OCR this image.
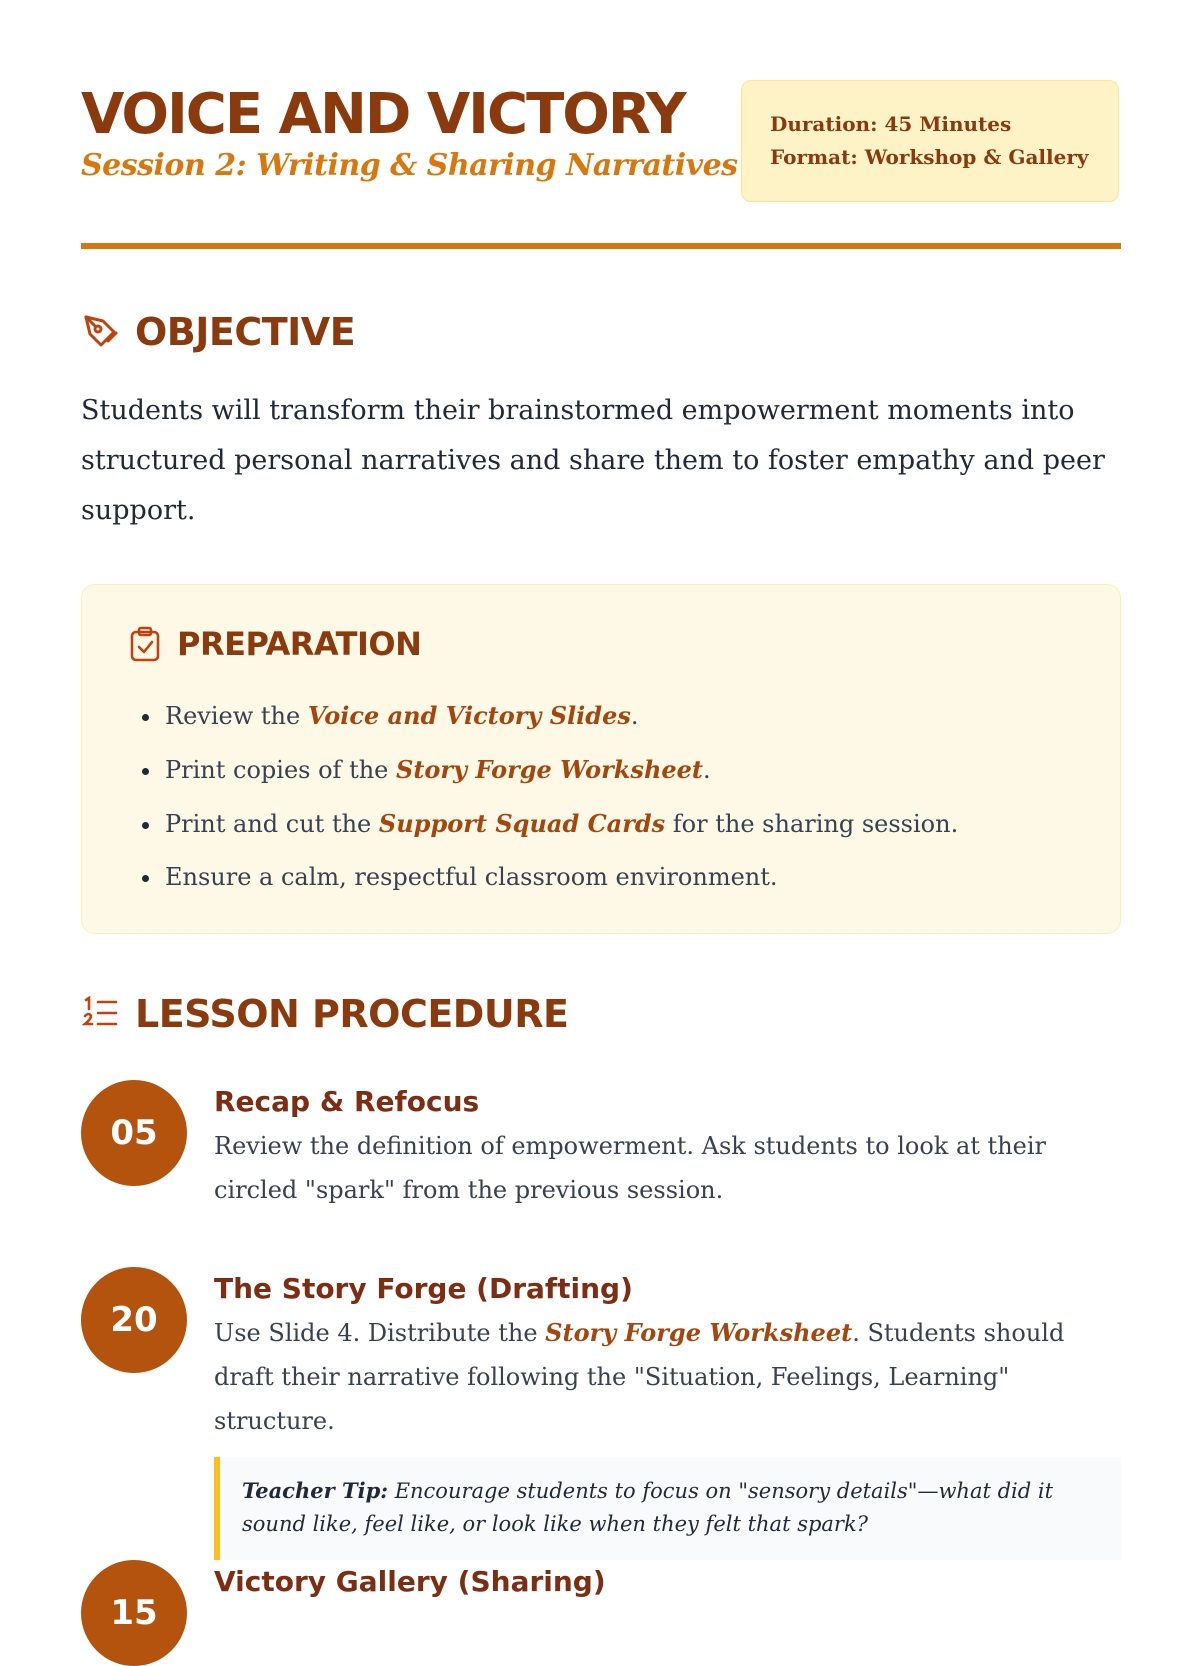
VOICE AND VICTORY
Session 2: Writing & Sharing Narratives
Duration: 45 Minutes
Format: Workshop & Gallery
OBJECTIVE

Students will transform their brainstormed empowerment moments into structured personal narratives and share them to foster empathy and peer support.

PREPARATION
• Review the Voice and Victory Slides.
• Print copies of the Story Forge Worksheet.
• Print and cut the Support Squad Cards for the sharing session.
• Ensure a calm, respectful classroom environment.
LESSON PROCEDURE
05
Recap & Refocus

Review the definition of empowerment. Ask students to look at their circled "spark" from the previous session.

20
The Story Forge (Drafting)

Use Slide 4. Distribute the Story Forge Worksheet. Students should draft their narrative following the "Situation, Feelings, Learning" structure.

Teacher Tip: Encourage students to focus on "sensory details"—what did it sound like, feel like, or look like when they felt that spark?
15
Victory Gallery (Sharing)
